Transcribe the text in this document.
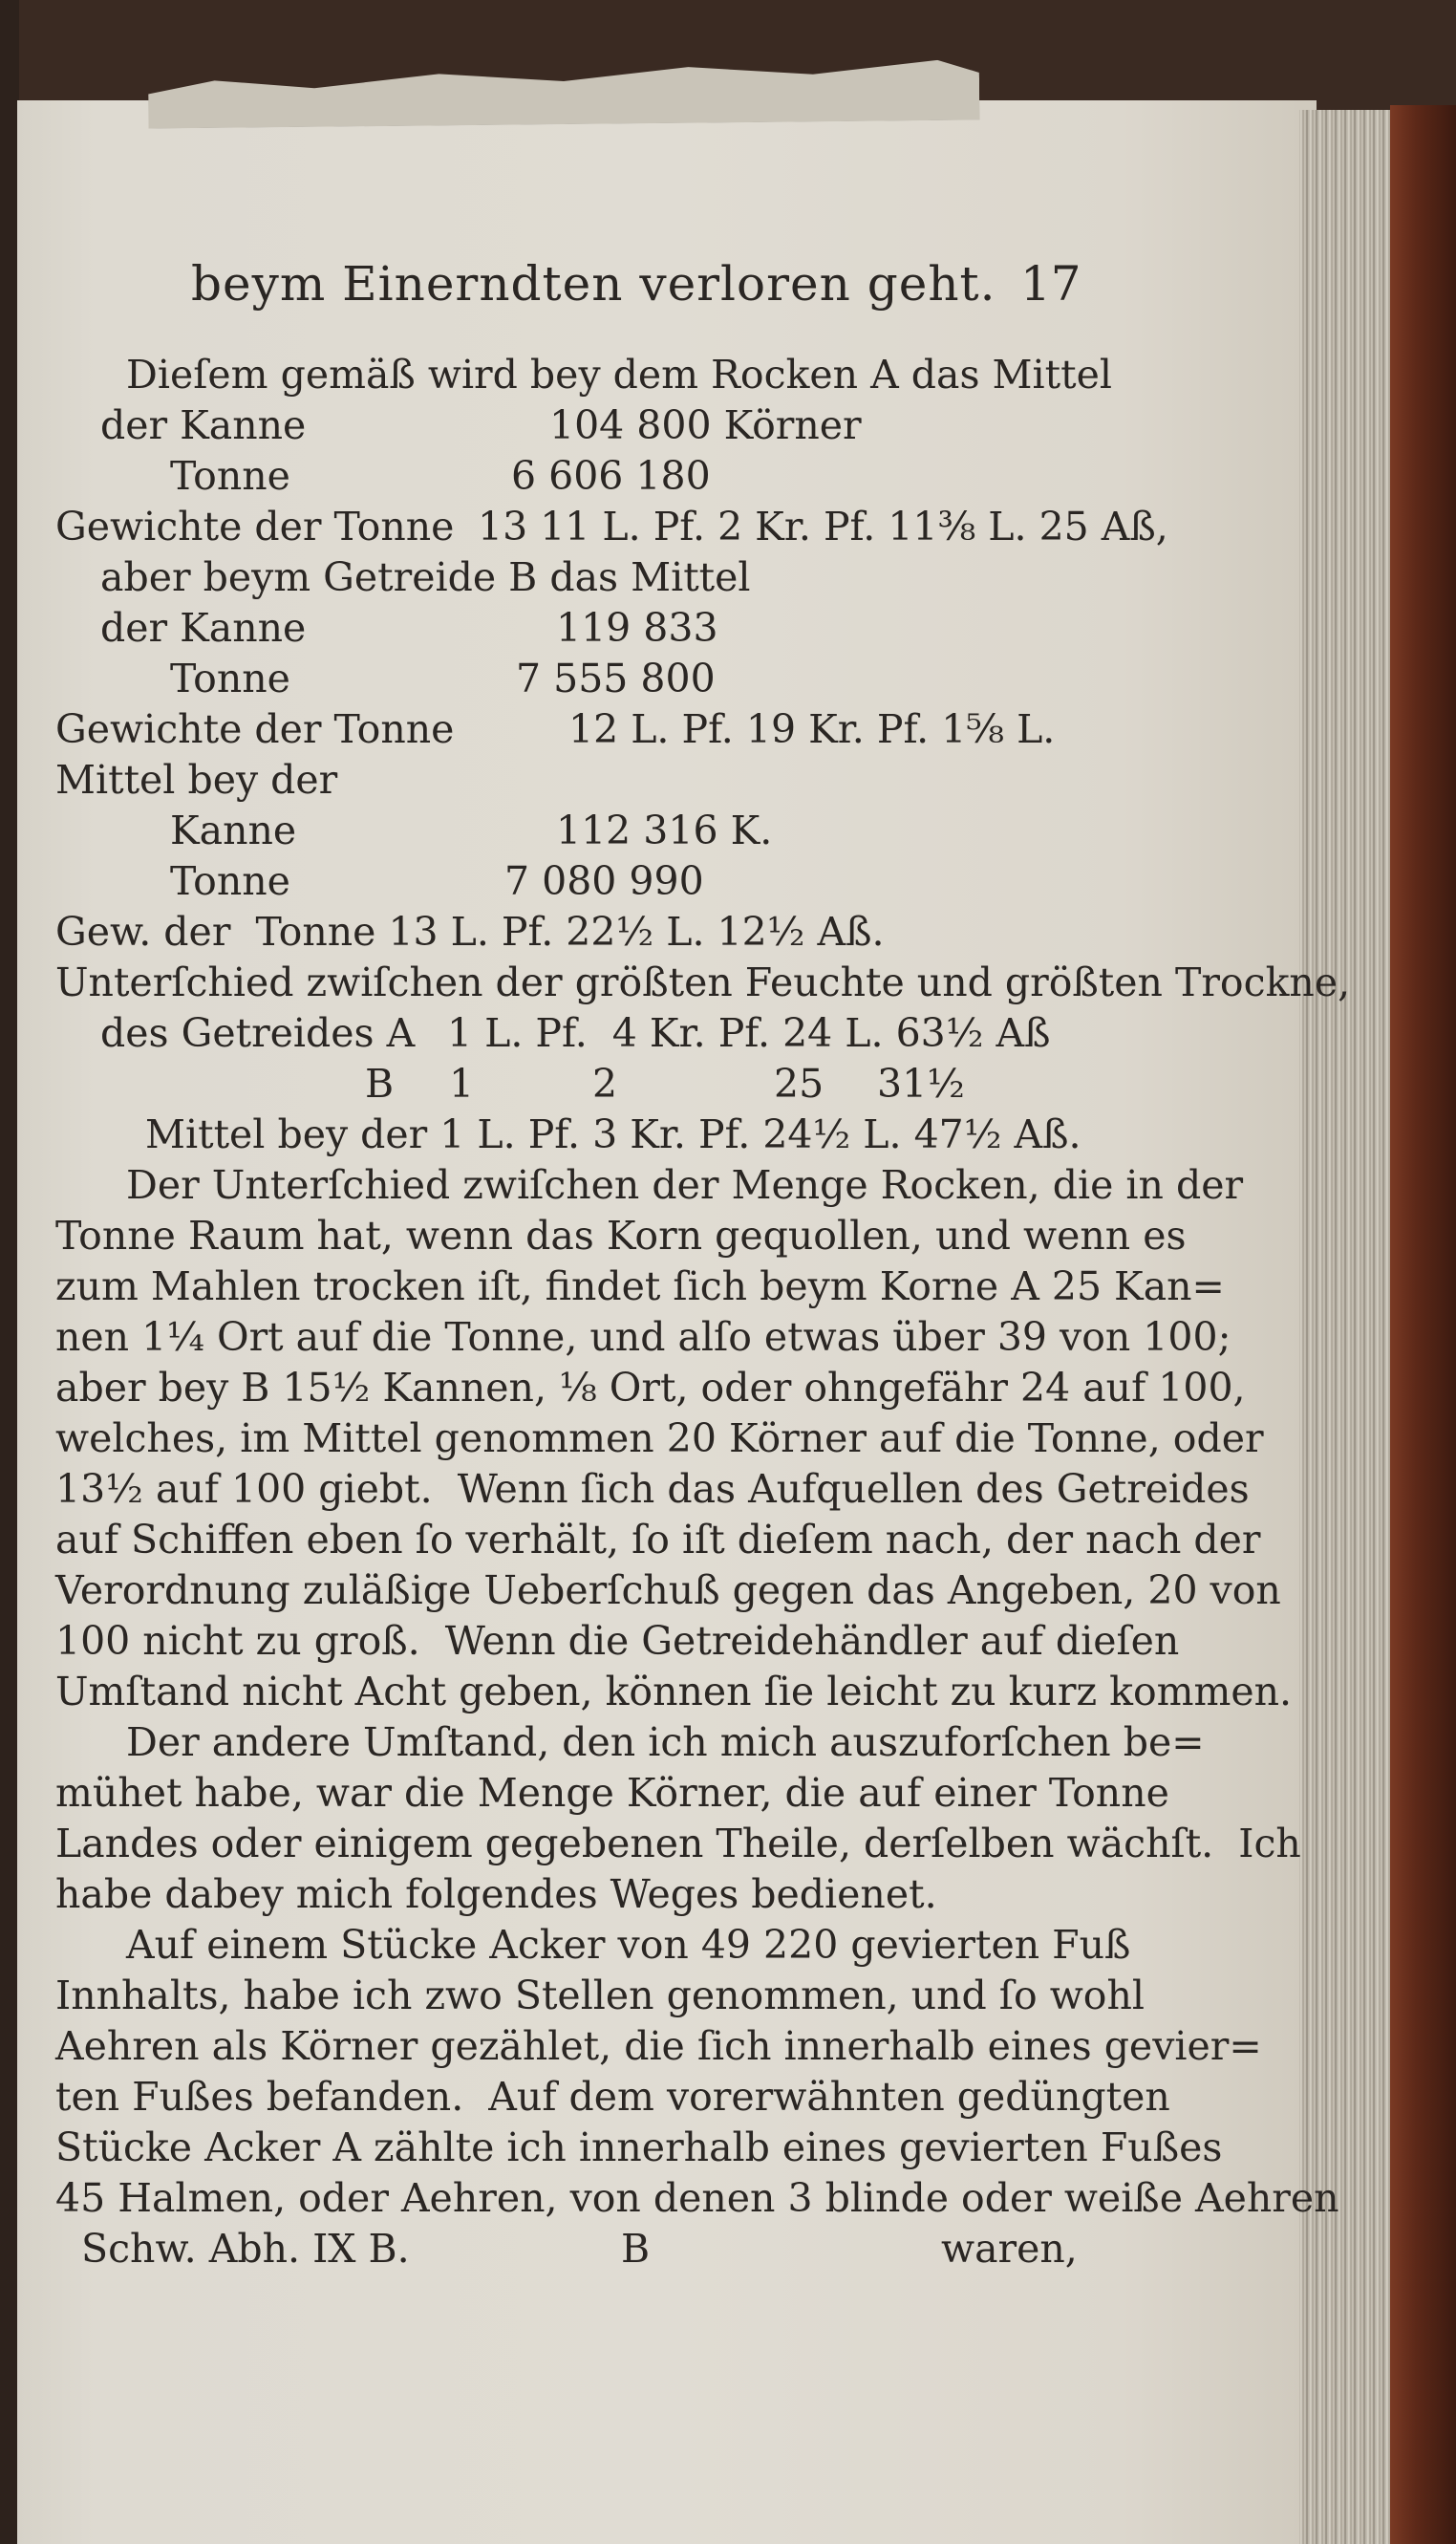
beym Einerndten verloren geht. 17
Dieſem gemäß wird bey dem Rocken A das Mittel
der Kanne	104 800 Körner
Tonne	6 606 180
Gewichte der Tonne 13 11 L. Pf. 2 Kr. Pf. 11⅜ L. 25 Aß,
aber beym Getreide B das Mittel
der Kanne	119 833
Tonne	7 555 800
Gewichte der Tonne	12 L. Pf. 19 Kr. Pf. 1⅝ L.
Mittel bey der
Kanne	112 316 K.
Tonne	7 080 990
Gew. der  Tonne 13 L. Pf. 22½ L. 12½ Aß.
Unterſchied zwiſchen der größten Feuchte und größten Trockne,
des Getreides A 1 L. Pf.  4 Kr. Pf. 24 L. 63½ Aß
B 1	2	25 31½
Mittel bey der 1 L. Pf. 3 Kr. Pf. 24½ L. 47½ Aß.
Der Unterſchied zwiſchen der Menge Rocken, die in der
Tonne Raum hat, wenn das Korn gequollen, und wenn es
zum Mahlen trocken iſt, findet ſich beym Korne A 25 Kan=
nen 1¼ Ort auf die Tonne, und alſo etwas über 39 von 100;
aber bey B 15½ Kannen, ⅛ Ort, oder ohngefähr 24 auf 100,
welches, im Mittel genommen 20 Körner auf die Tonne, oder
13½ auf 100 giebt.  Wenn ſich das Aufquellen des Getreides
auf Schiffen eben ſo verhält, ſo iſt dieſem nach, der nach der
Verordnung zuläßige Ueberſchuß gegen das Angeben, 20 von
100 nicht zu groß.  Wenn die Getreidehändler auf dieſen
Umſtand nicht Acht geben, können ſie leicht zu kurz kommen.
Der andere Umſtand, den ich mich auszuforſchen be=
mühet habe, war die Menge Körner, die auf einer Tonne
Landes oder einigem gegebenen Theile, derſelben wächſt.  Ich
habe dabey mich folgendes Weges bedienet.
Auf einem Stücke Acker von 49 220 gevierten Fuß
Innhalts, habe ich zwo Stellen genommen, und ſo wohl
Aehren als Körner gezählet, die ſich innerhalb eines gevier=
ten Fußes befanden.  Auf dem vorerwähnten gedüngten
Stücke Acker A zählte ich innerhalb eines gevierten Fußes
45 Halmen, oder Aehren, von denen 3 blinde oder weiße Aehren
Schw. Abh. IX B.	B	waren,
